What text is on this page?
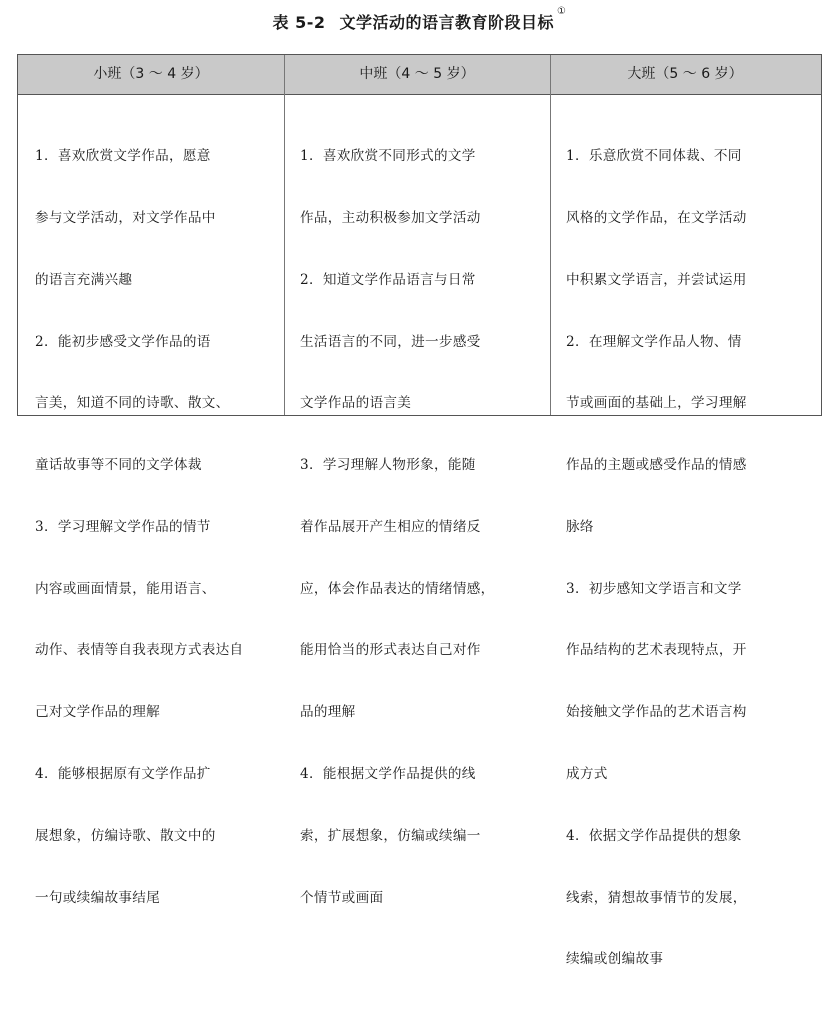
表 5-2 文学活动的语言教育阶段目标①
小班（3 ～ 4 岁）	中班（4 ～ 5 岁）	大班（5 ～ 6 岁）

1．喜欢欣赏文学作品，愿意

参与文学活动，对文学作品中

的语言充满兴趣

2．能初步感受文学作品的语

言美，知道不同的诗歌、散文、

童话故事等不同的文学体裁

3．学习理解文学作品的情节

内容或画面情景，能用语言、

动作、表情等自我表现方式表达自

己对文学作品的理解

4．能够根据原有文学作品扩

展想象，仿编诗歌、散文中的

一句或续编故事结尾

1．喜欢欣赏不同形式的文学

作品，主动积极参加文学活动

2．知道文学作品语言与日常

生活语言的不同，进一步感受

文学作品的语言美

3．学习理解人物形象，能随

着作品展开产生相应的情绪反

应，体会作品表达的情绪情感，

能用恰当的形式表达自己对作

品的理解

4．能根据文学作品提供的线

索，扩展想象，仿编或续编一

个情节或画面

1．乐意欣赏不同体裁、不同

风格的文学作品，在文学活动

中积累文学语言，并尝试运用

2．在理解文学作品人物、情

节或画面的基础上，学习理解

作品的主题或感受作品的情感

脉络

3．初步感知文学语言和文学

作品结构的艺术表现特点，开

始接触文学作品的艺术语言构

成方式

4．依据文学作品提供的想象

线索，猜想故事情节的发展，

续编或创编故事
